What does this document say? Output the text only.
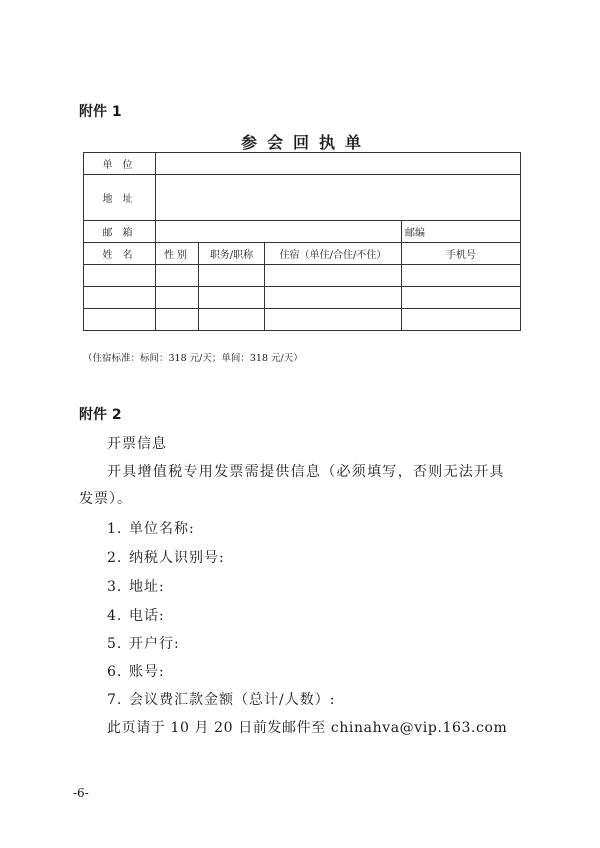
附件 1
参会回执单
单位				
地址				
邮箱				邮编
姓名	性别	职务/职称	住宿（单住/合住/不住）	手机号

（住宿标准：标间：318 元/天；单间：318 元/天）
附件 2
开票信息
开具增值税专用发票需提供信息（必须填写，否则无法开具
发票）。
1. 单位名称:
2. 纳税人识别号:
3. 地址:
4. 电话:
5. 开户行:
6. 账号:
7. 会议费汇款金额（总计/人数）:
此页请于 10 月 20 日前发邮件至 chinahva@vip.163.com
-6-
